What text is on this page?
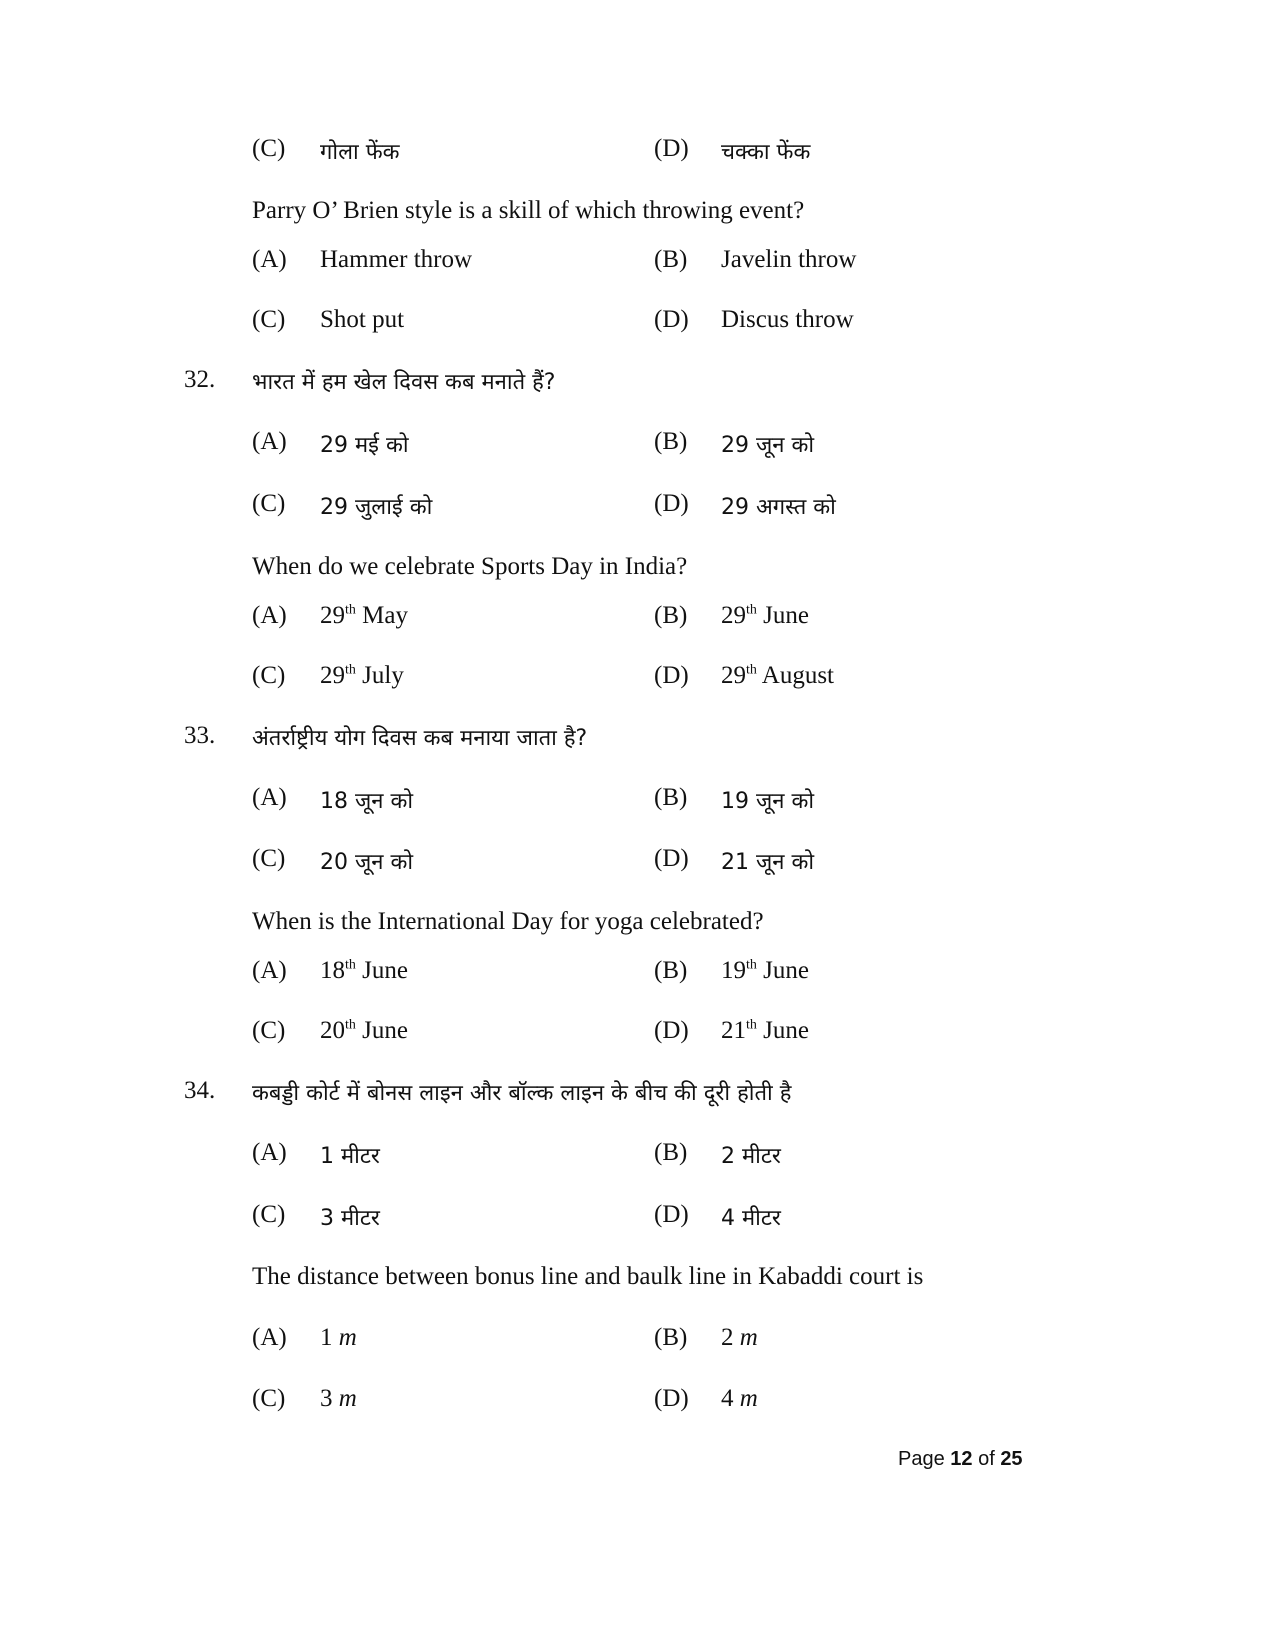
(C) गोला फेंक	(D) चक्का फेंक
Parry O’ Brien style is a skill of which throwing event?
(A) Hammer throw	(B) Javelin throw
(C) Shot put	(D) Discus throw
32. भारत में हम खेल दिवस कब मनाते हैं?
(A) 29 मई को	(B) 29 जून को
(C) 29 जुलाई को	(D) 29 अगस्त को
When do we celebrate Sports Day in India?
(A) 29th May	(B) 29th June
(C) 29th July	(D) 29th August
33. अंतर्राष्ट्रीय योग दिवस कब मनाया जाता है?
(A) 18 जून को	(B) 19 जून को
(C) 20 जून को	(D) 21 जून को
When is the International Day for yoga celebrated?
(A) 18th June	(B) 19th June
(C) 20th June	(D) 21th June
34. कबड्डी कोर्ट में बोनस लाइन और बॉल्क लाइन के बीच की दूरी होती है
(A) 1 मीटर	(B) 2 मीटर
(C) 3 मीटर	(D) 4 मीटर
The distance between bonus line and baulk line in Kabaddi court is
(A) 1 m	(B) 2 m
(C) 3 m	(D) 4 m
Page 12 of 25
